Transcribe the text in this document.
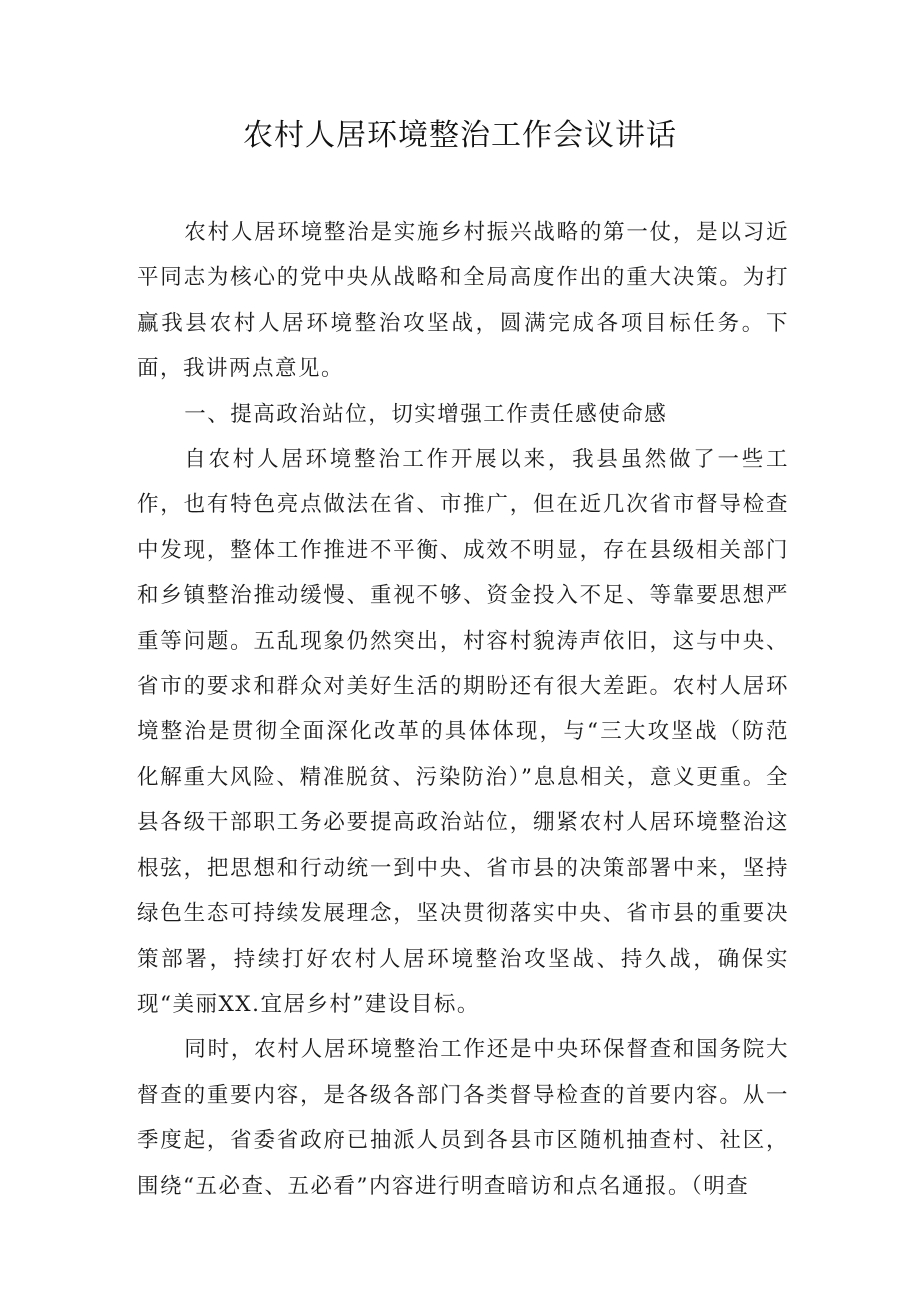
农村人居环境整治工作会议讲话

农村人居环境整治是实施乡村振兴战略的第一仗，是以习近平同志为核心的党中央从战略和全局高度作出的重大决策。为打赢我县农村人居环境整治攻坚战，圆满完成各项目标任务。下面，我讲两点意见。

一、提高政治站位，切实增强工作责任感使命感

自农村人居环境整治工作开展以来，我县虽然做了一些工作，也有特色亮点做法在省、市推广，但在近几次省市督导检查中发现，整体工作推进不平衡、成效不明显，存在县级相关部门和乡镇整治推动缓慢、重视不够、资金投入不足、等靠要思想严重等问题。五乱现象仍然突出，村容村貌涛声依旧，这与中央、省市的要求和群众对美好生活的期盼还有很大差距。农村人居环境整治是贯彻全面深化改革的具体体现，与“三大攻坚战（防范化解重大风险、精准脱贫、污染防治）”息息相关，意义更重。全县各级干部职工务必要提高政治站位，绷紧农村人居环境整治这根弦，把思想和行动统一到中央、省市县的决策部署中来，坚持绿色生态可持续发展理念，坚决贯彻落实中央、省市县的重要决策部署，持续打好农村人居环境整治攻坚战、持久战，确保实现“美丽XX.宜居乡村”建设目标。

同时，农村人居环境整治工作还是中央环保督查和国务院大督查的重要内容，是各级各部门各类督导检查的首要内容。从一季度起，省委省政府已抽派人员到各县市区随机抽查村、社区，围绕“五必查、五必看”内容进行明查暗访和点名通报。（明查
